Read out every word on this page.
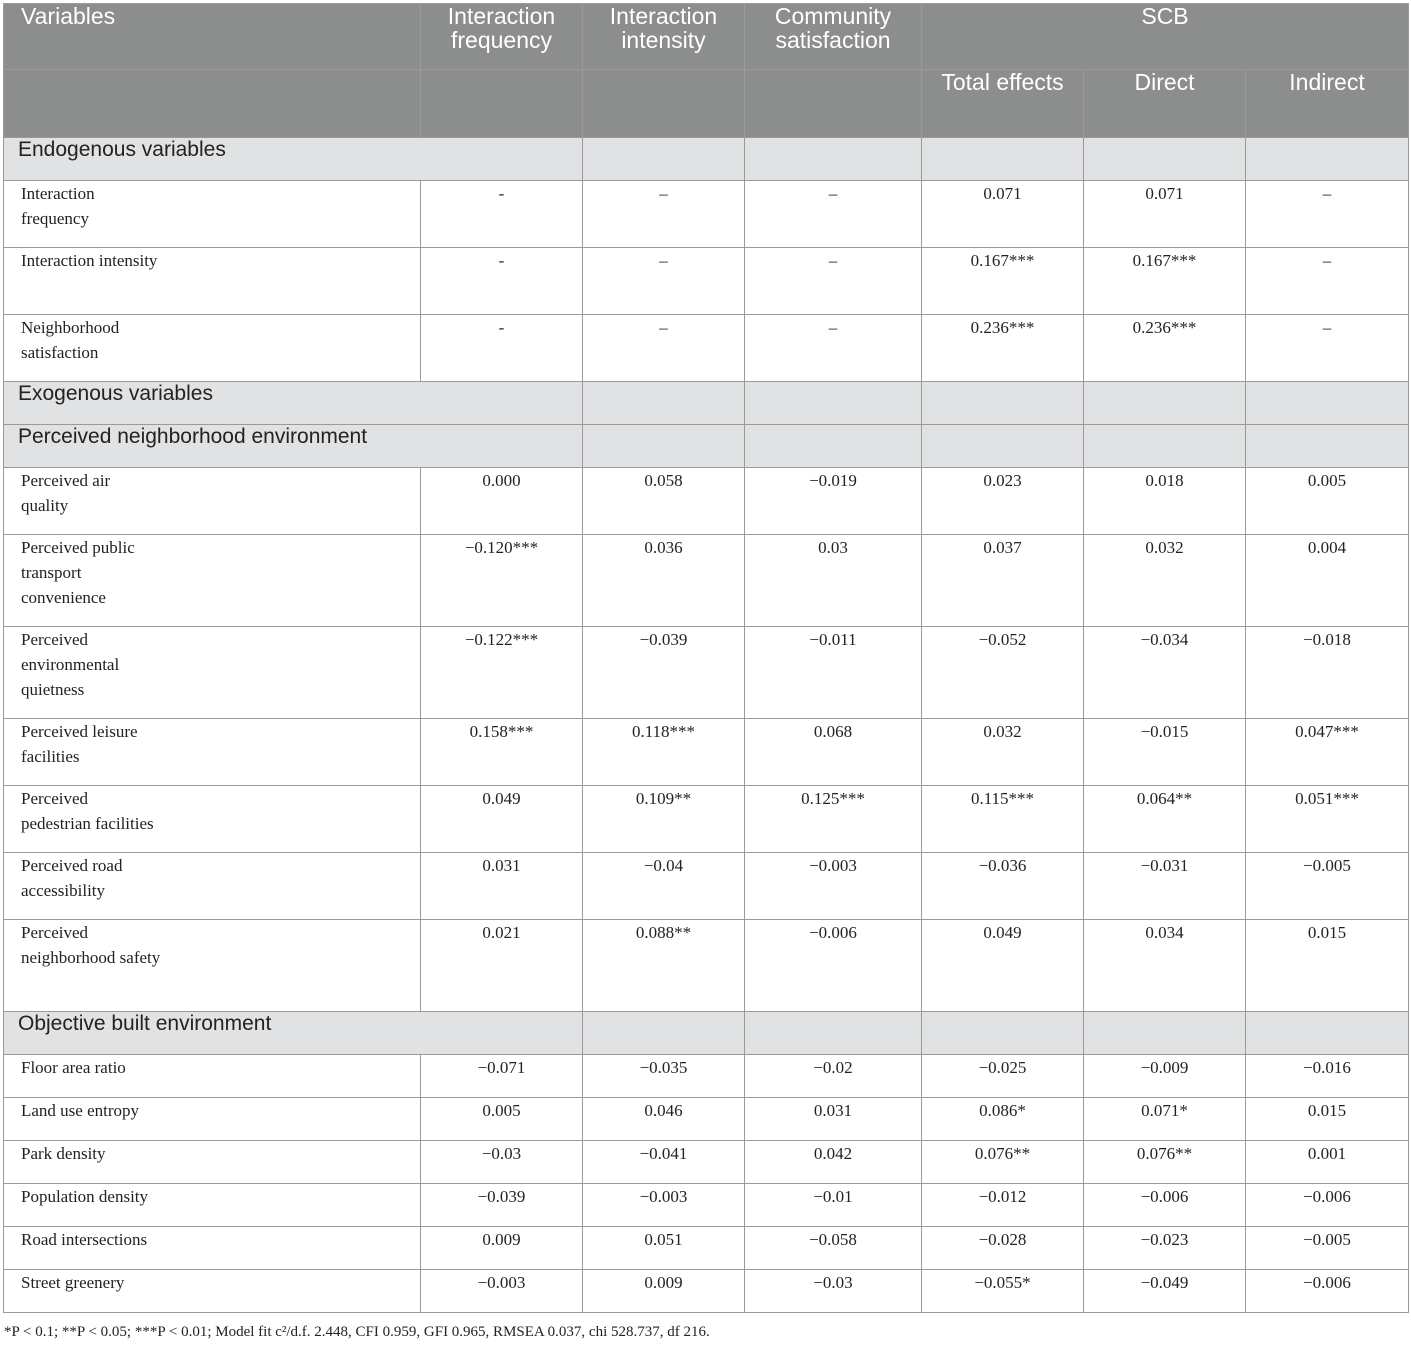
Variables	Interaction frequency	Interaction intensity	Community satisfaction	SCB		
				Total effects	Direct	Indirect
Endogenous variables						

Interaction frequency	-	–	–	0.071	0.071	–

Interaction intensity	-	–	–	0.167***	0.167***	–

Neighborhood satisfaction	-	–	–	0.236***	0.236***	–
Exogenous variables						
Perceived neighborhood environment						

Perceived air quality	0.000	0.058	−0.019	0.023	0.018	0.005

Perceived public transport convenience	−0.120***	0.036	0.03	0.037	0.032	0.004

Perceived environmental quietness	−0.122***	−0.039	−0.011	−0.052	−0.034	−0.018

Perceived leisure facilities	0.158***	0.118***	0.068	0.032	−0.015	0.047***

Perceived pedestrian facilities	0.049	0.109**	0.125***	0.115***	0.064**	0.051***

Perceived road accessibility	0.031	−0.04	−0.003	−0.036	−0.031	−0.005

Perceived neighborhood safety	0.021	0.088**	−0.006	0.049	0.034	0.015
Objective built environment						

Floor area ratio	−0.071	−0.035	−0.02	−0.025	−0.009	−0.016

Land use entropy	0.005	0.046	0.031	0.086*	0.071*	0.015

Park density	−0.03	−0.041	0.042	0.076**	0.076**	0.001

Population density	−0.039	−0.003	−0.01	−0.012	−0.006	−0.006

Road intersections	0.009	0.051	−0.058	−0.028	−0.023	−0.005

Street greenery	−0.003	0.009	−0.03	−0.055*	−0.049	−0.006
*P < 0.1; **P < 0.05; ***P < 0.01; Model fit c²/d.f. 2.448, CFI 0.959, GFI 0.965, RMSEA 0.037, chi 528.737, df 216.
